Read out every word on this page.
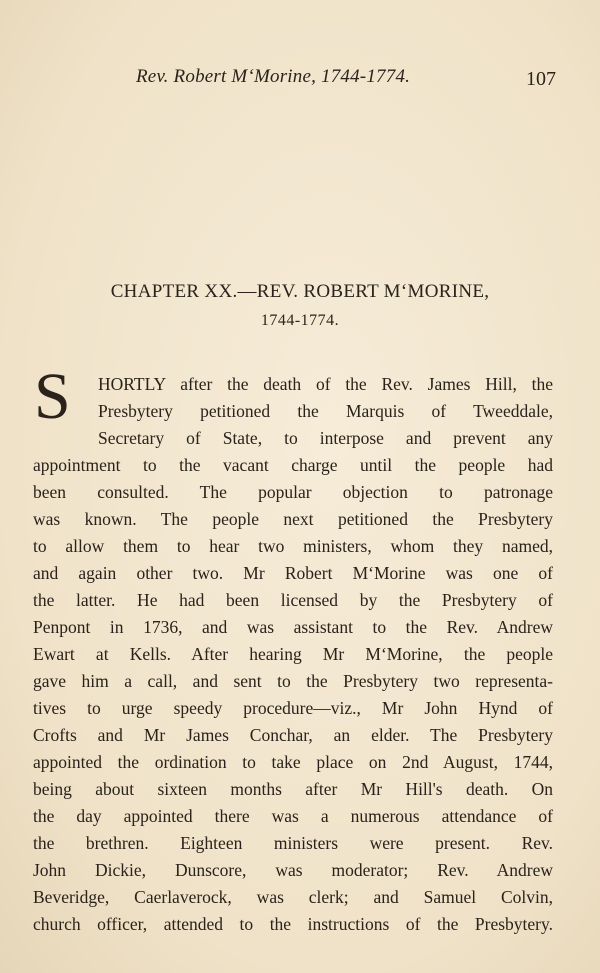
Rev. Robert M‘Morine, 1744-1774.	107
CHAPTER XX.—REV. ROBERT M‘MORINE,
1744-1774.
S HORTLY after the death of the Rev. James Hill, the
Presbytery petitioned the Marquis of Tweeddale,
Secretary of State, to interpose and prevent any
appointment to the vacant charge until the people had
been consulted. The popular objection to patronage
was known. The people next petitioned the Presbytery
to allow them to hear two ministers, whom they named,
and again other two. Mr Robert M‘Morine was one of
the latter. He had been licensed by the Presbytery of
Penpont in 1736, and was assistant to the Rev. Andrew
Ewart at Kells. After hearing Mr M‘Morine, the people
gave him a call, and sent to the Presbytery two representa-
tives to urge speedy procedure—viz., Mr John Hynd of
Crofts and Mr James Conchar, an elder. The Presbytery
appointed the ordination to take place on 2nd August, 1744,
being about sixteen months after Mr Hill's death. On
the day appointed there was a numerous attendance of
the brethren. Eighteen ministers were present. Rev.
John Dickie, Dunscore, was moderator; Rev. Andrew
Beveridge, Caerlaverock, was clerk; and Samuel Colvin,
church officer, attended to the instructions of the Presbytery.
